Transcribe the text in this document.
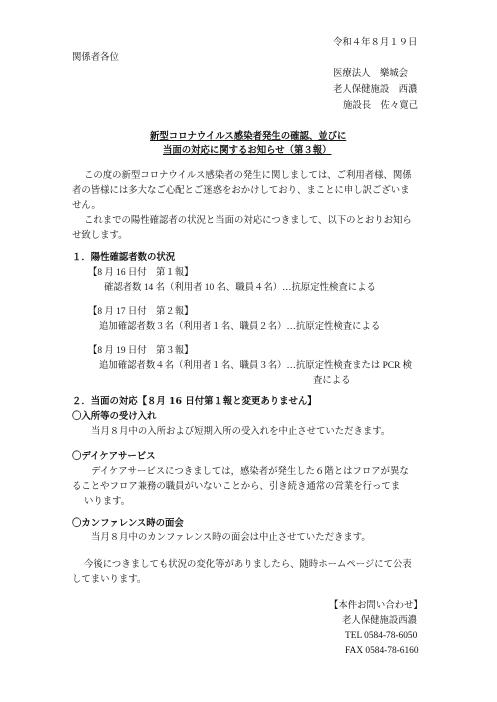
令和４年８月１９日
関係者各位
医療法人　樂城会
老人保健施設　西濃
施設長　佐々寛己
新型コロナウイルス感染者発生の確認、並びに
当面の対応に関するお知らせ（第３報）
この度の新型コロナウイルス感染者の発生に関しましては、ご利用者様、関係
者の皆様には多大なご心配とご迷惑をおかけしており、まことに申し訳ございま
せん。
これまでの陽性確認者の状況と当面の対応につきまして、以下のとおりお知ら
せ致します。
１．陽性確認者数の状況
【8 月 16 日付　第１報】
確認者数 14 名（利用者 10 名、職員４名）…抗原定性検査による
【8 月 17 日付　第２報】
追加確認者数３名（利用者１名、職員２名）…抗原定性検査による
【8 月 19 日付　第３報】
追加確認者数４名（利用者１名、職員３名）…抗原定性検査または PCR 検
査による
２．当面の対応【８月 16 日付第１報と変更ありません】
〇入所等の受け入れ
当月８月中の入所および短期入所の受入れを中止させていただきます。
〇デイケアサービス
デイケアサービスにつきましては，感染者が発生した６階とはフロアが異な
ることやフロア兼務の職員がいないことから、引き続き通常の営業を行ってま
いります。
〇カンファレンス時の面会
当月８月中のカンファレンス時の面会は中止させていただきます。
今後につきましても状況の変化等がありましたら、随時ホームページにて公表
してまいります。
【本件お問い合わせ】
老人保健施設西濃
TEL 0584-78-6050
FAX 0584-78-6160
